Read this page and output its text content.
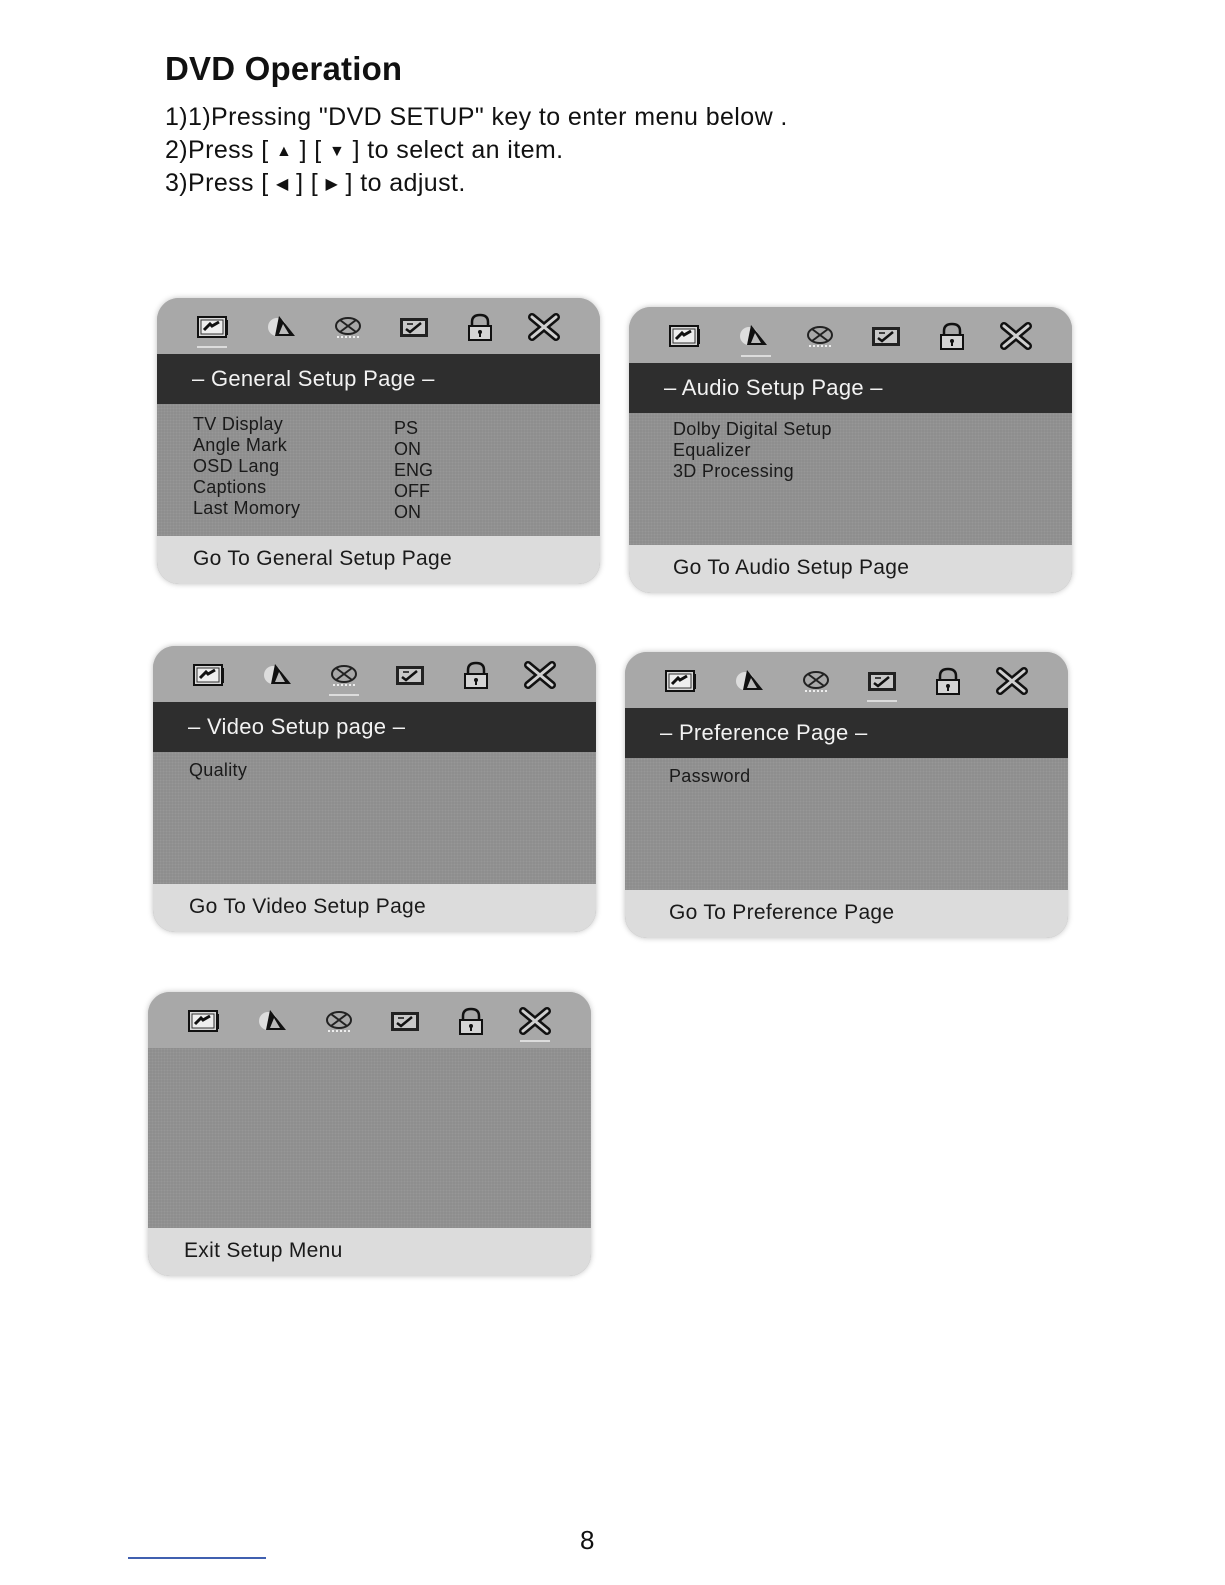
DVD Operation
1)1)Pressing "DVD SETUP" key to enter menu below .
2)Press [ ▲ ] [ ▼ ] to select an item.
3)Press [ ◀ ] [ ▶ ] to adjust.
– General Setup Page –
TV Display	PS
Angle Mark	ON
OSD Lang	ENG
Captions	OFF
Last Momory	ON
Go To General Setup Page
– Audio Setup Page –
Dolby Digital Setup
Equalizer
3D Processing
Go To Audio Setup Page
– Video Setup page –
Quality
Go To Video Setup Page
– Preference Page –
Password
Go To Preference Page
Exit Setup Menu
8
